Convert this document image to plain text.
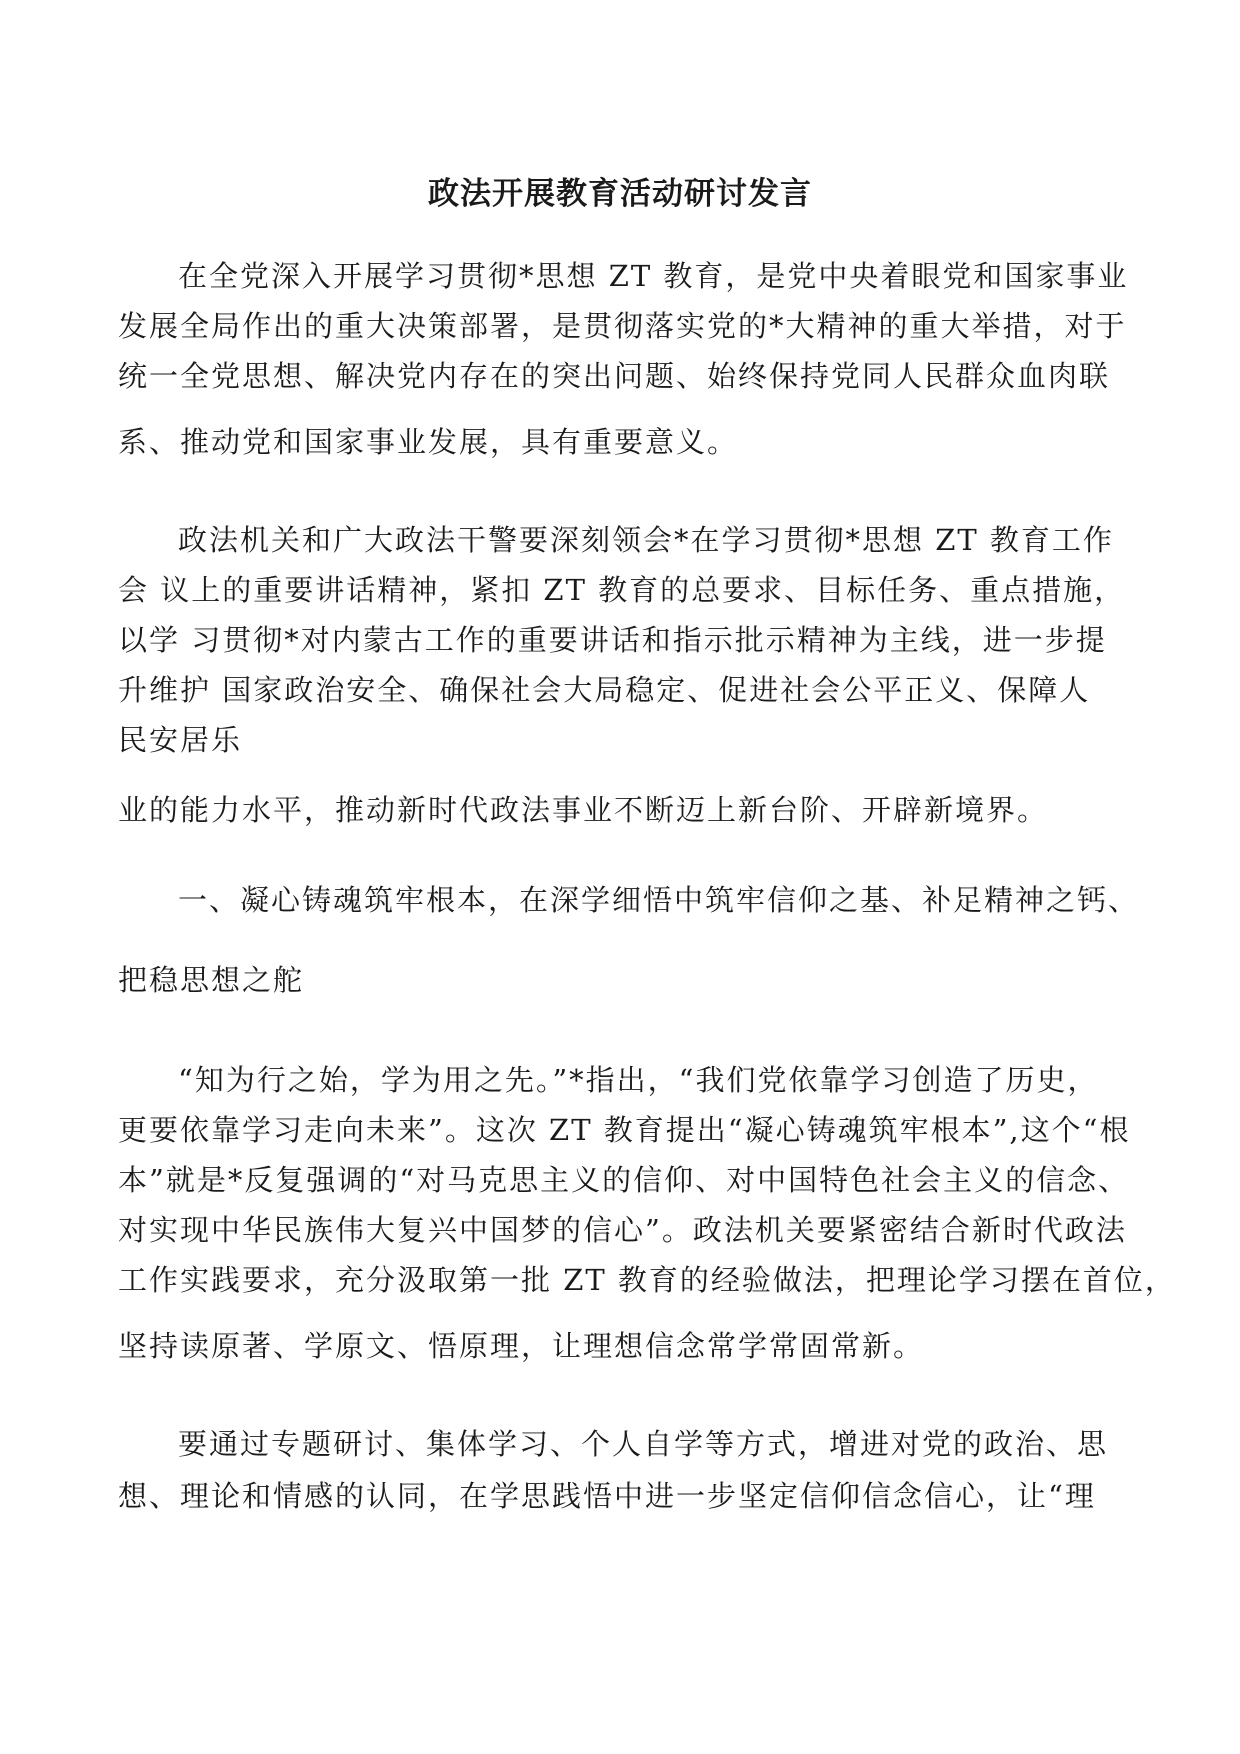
政法开展教育活动研讨发言

在全党深入开展学习贯彻*思想 ZT 教育，是党中央着眼党和国家事业

发展全局作出的重大决策部署，是贯彻落实党的*大精神的重大举措，对于

统一全党思想、解决党内存在的突出问题、始终保持党同人民群众血肉联

系、推动党和国家事业发展，具有重要意义。

政法机关和广大政法干警要深刻领会*在学习贯彻*思想 ZT 教育工作

会 议上的重要讲话精神，紧扣 ZT 教育的总要求、目标任务、重点措施，

以学 习贯彻*对内蒙古工作的重要讲话和指示批示精神为主线，进一步提

升维护 国家政治安全、确保社会大局稳定、促进社会公平正义、保障人

民安居乐

业的能力水平，推动新时代政法事业不断迈上新台阶、开辟新境界。

一、凝心铸魂筑牢根本，在深学细悟中筑牢信仰之基、补足精神之钙、

把稳思想之舵

“知为行之始，学为用之先。”*指出，“我们党依靠学习创造了历史，

更要依靠学习走向未来”。这次 ZT 教育提出“凝心铸魂筑牢根本”,这个“根

本”就是*反复强调的“对马克思主义的信仰、对中国特色社会主义的信念、

对实现中华民族伟大复兴中国梦的信心”。政法机关要紧密结合新时代政法

工作实践要求，充分汲取第一批 ZT 教育的经验做法，把理论学习摆在首位，

坚持读原著、学原文、悟原理，让理想信念常学常固常新。

要通过专题研讨、集体学习、个人自学等方式，增进对党的政治、思

想、理论和情感的认同，在学思践悟中进一步坚定信仰信念信心，让“理
